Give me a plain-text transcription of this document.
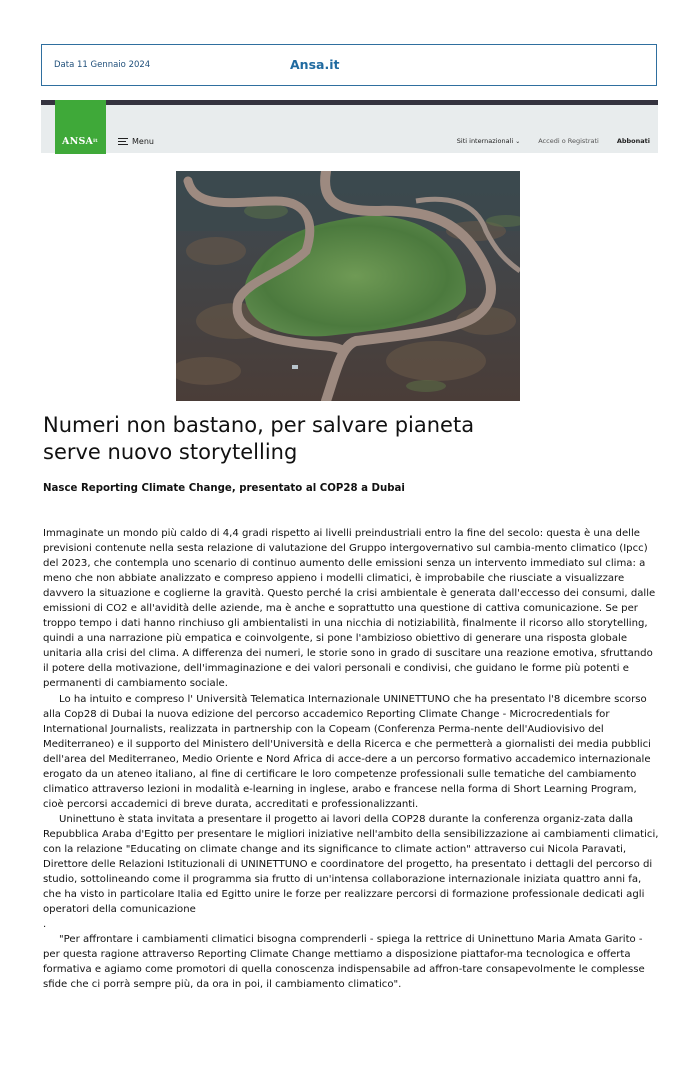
Data 11 Gennaio 2024	Ansa.it
$ANSA^{it}$	Menu	Siti internazionali ⌄	Accedi o Registrati	Abbonati
Numeri non bastano, per salvare pianeta
serve nuovo storytelling
Nasce Reporting Climate Change, presentato al COP28 a Dubai

Immaginate un mondo più caldo di 4,4 gradi rispetto ai livelli preindustriali entro la fine del secolo: questa è una delle previsioni contenute nella sesta relazione di valutazione del Gruppo intergovernativo sul cambia-mento climatico (Ipcc) del 2023, che contempla uno scenario di continuo aumento delle emissioni senza un intervento immediato sul clima: a meno che non abbiate analizzato e compreso appieno i modelli climatici, è improbabile che riusciate a visualizzare davvero la situazione e coglierne la gravità. Questo perché la crisi ambientale è generata dall'eccesso dei consumi, dalle emissioni di CO2 e all'avidità delle aziende, ma è anche e soprattutto una questione di cattiva comunicazione. Se per troppo tempo i dati hanno rinchiuso gli ambientalisti in una nicchia di notiziabilità, finalmente il ricorso allo storytelling, quindi a una narrazione più empatica e coinvolgente, si pone l'ambizioso obiettivo di generare una risposta globale unitaria alla crisi del clima. A differenza dei numeri, le storie sono in grado di suscitare una reazione emotiva, sfruttando il potere della motivazione, dell'immaginazione e dei valori personali e condivisi, che guidano le forme più potenti e permanenti di cambiamento sociale.

Lo ha intuito e compreso l' Università Telematica Internazionale UNINETTUNO che ha presentato l'8 dicembre scorso alla Cop28 di Dubai la nuova edizione del percorso accademico Reporting Climate Change - Microcredentials for International Journalists, realizzata in partnership con la Copeam (Conferenza Perma-nente dell'Audiovisivo del Mediterraneo) e il supporto del Ministero dell'Università e della Ricerca e che permetterà a giornalisti dei media pubblici dell'area del Mediterraneo, Medio Oriente e Nord Africa di acce-dere a un percorso formativo accademico internazionale erogato da un ateneo italiano, al fine di certificare le loro competenze professionali sulle tematiche del cambiamento climatico attraverso lezioni in modalità e-learning in inglese, arabo e francese nella forma di Short Learning Program, cioè percorsi accademici di breve durata, accreditati e professionalizzanti.

Uninettuno è stata invitata a presentare il progetto ai lavori della COP28 durante la conferenza organiz-zata dalla Repubblica Araba d'Egitto per presentare le migliori iniziative nell'ambito della sensibilizzazione ai cambiamenti climatici, con la relazione "Educating on climate change and its significance to climate action" attraverso cui Nicola Paravati, Direttore delle Relazioni Istituzionali di UNINETTUNO e coordinatore del progetto, ha presentato i dettagli del percorso di studio, sottolineando come il programma sia frutto di un'intensa collaborazione internazionale iniziata quattro anni fa, che ha visto in particolare Italia ed Egitto unire le forze per realizzare percorsi di formazione professionale dedicati agli operatori della comunicazione

.

"Per affrontare i cambiamenti climatici bisogna comprenderli - spiega la rettrice di Uninettuno Maria Amata Garito - per questa ragione attraverso Reporting Climate Change mettiamo a disposizione piattafor-ma tecnologica e offerta formativa e agiamo come promotori di quella conoscenza indispensabile ad affron-tare consapevolmente le complesse sfide che ci porrà sempre più, da ora in poi, il cambiamento climatico".
